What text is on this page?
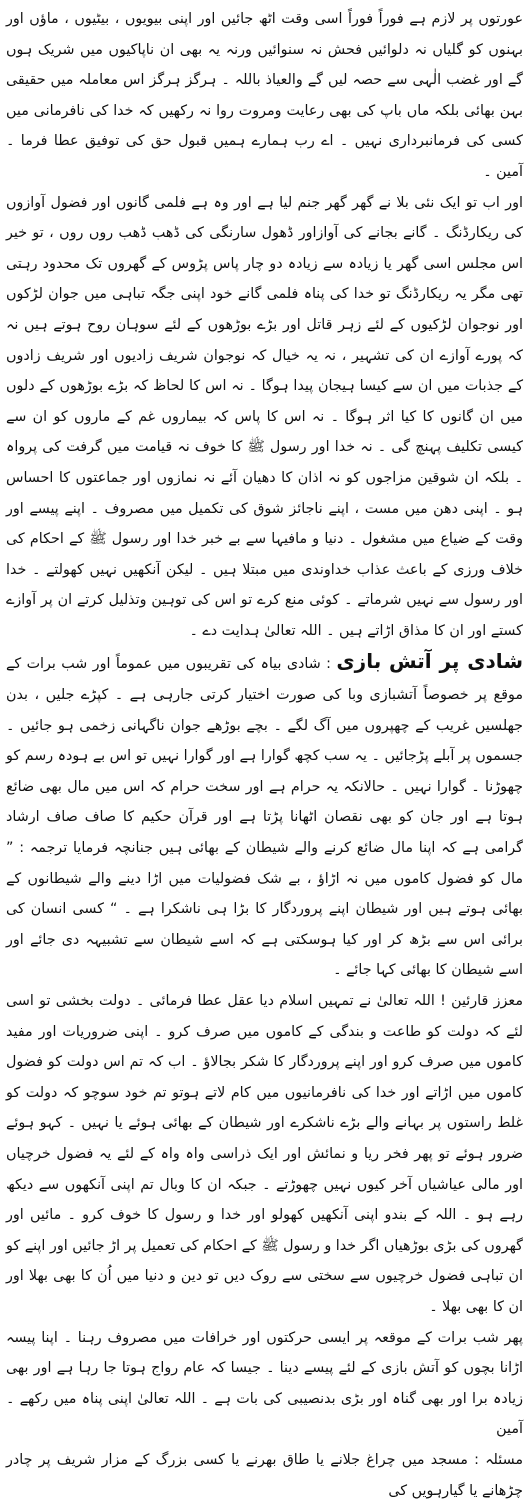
عورتوں پر لازم ہے فوراً فوراً اسی وقت اٹھ جائیں اور اپنی بیویوں ، بیٹیوں ، ماؤں اور بہنوں کو گلیاں نہ دلوائیں فحش نہ سنوائیں ورنہ یہ بھی ان ناپاکیوں میں شریک ہوں گے اور غضب الٰہی سے حصہ لیں گے والعیاذ باللہ ۔ ہرگز ہرگز اس معاملہ میں حقیقی بہن بھائی بلکہ ماں باپ کی بھی رعایت ومروت روا نہ رکھیں کہ خدا کی نافرمانی میں کسی کی فرمانبرداری نہیں ۔ اے رب ہمارے ہمیں قبول حق کی توفیق عطا فرما ۔ آمین ۔

اور اب تو ایک نئی بلا نے گھر گھر جنم لیا ہے اور وہ ہے فلمی گانوں اور فضول آوازوں کی ریکارڈنگ ۔ گانے بجانے کی آوازاور ڈھول سارنگی کی ڈھب ڈھب روں روں ، تو خیر اس مجلس اسی گھر یا زیادہ سے زیادہ دو چار پاس پڑوس کے گھروں تک محدود رہتی تھی مگر یہ ریکارڈنگ تو خدا کی پناہ فلمی گانے خود اپنی جگہ تباہی میں جوان لڑکوں اور نوجوان لڑکیوں کے لئے زہر قاتل اور بڑے بوڑھوں کے لئے سوہان روح ہوتے ہیں نہ کہ پورے آوازے ان کی تشہیر ، نہ یہ خیال کہ نوجوان شریف زادیوں اور شریف زادوں کے جذبات میں ان سے کیسا ہیجان پیدا ہوگا ۔ نہ اس کا لحاظ کہ بڑے بوڑھوں کے دلوں میں ان گانوں کا کیا اثر ہوگا ۔ نہ اس کا پاس کہ بیماروں غم کے ماروں کو ان سے کیسی تکلیف پہنچ گی ۔ نہ خدا اور رسول ﷺ کا خوف نہ قیامت میں گرفت کی پرواہ ۔ بلکہ ان شوقین مزاجوں کو نہ اذان کا دھیان آئے نہ نمازوں اور جماعتوں کا احساس ہو ۔ اپنی دھن میں مست ، اپنے ناجائز شوق کی تکمیل میں مصروف ۔ اپنے پیسے اور وقت کے ضیاع میں مشغول ۔ دنیا و مافیہا سے بے خبر خدا اور رسول ﷺ کے احکام کی خلاف ورزی کے باعث عذاب خداوندی میں مبتلا ہیں ۔ لیکن آنکھیں نہیں کھولتے ۔ خدا اور رسول سے نہیں شرماتے ۔ کوئی منع کرے تو اس کی توہین وتذلیل کرتے ان پر آوازے کستے اور ان کا مذاق اڑاتے ہیں ۔ اللہ تعالیٰ ہدایت دے ۔

شادی پر آتش بازی : شادی بیاہ کی تقریبوں میں عموماً اور شب برات کے موقع پر خصوصاً آتشبازی وبا کی صورت اختیار کرتی جارہی ہے ۔ کپڑے جلیں ، بدن جھلسیں غریب کے چھپروں میں آگ لگے ۔ بچے بوڑھے جوان ناگہانی زخمی ہو جائیں ۔ جسموں پر آبلے پڑجائیں ۔ یہ سب کچھ گوارا ہے اور گوارا نہیں تو اس بے ہودہ رسم کو چھوڑنا ۔ گوارا نہیں ۔ حالانکہ یہ حرام ہے اور سخت حرام کہ اس میں مال بھی ضائع ہوتا ہے اور جان کو بھی نقصان اٹھانا پڑتا ہے اور قرآن حکیم کا صاف صاف ارشاد گرامی ہے کہ اپنا مال ضائع کرنے والے شیطان کے بھائی ہیں جنانچہ فرمایا ترجمہ : ” مال کو فضول کاموں میں نہ اڑاؤ ، بے شک فضولیات میں اڑا دینے والے شیطانوں کے بھائی ہوتے ہیں اور شیطان اپنے پروردگار کا بڑا ہی ناشکرا ہے ۔ “ کسی انسان کی برائی اس سے بڑھ کر اور کیا ہوسکتی ہے کہ اسے شیطان سے تشبیہہ دی جائے اور اسے شیطان کا بھائی کہا جائے ۔

معزز قارئین ! اللہ تعالیٰ نے تمہیں اسلام دیا عقل عطا فرمائی ۔ دولت بخشی تو اسی لئے کہ دولت کو طاعت و بندگی کے کاموں میں صرف کرو ۔ اپنی ضروریات اور مفید کاموں میں صرف کرو اور اپنے پروردگار کا شکر بجالاؤ ۔ اب کہ تم اس دولت کو فضول کاموں میں اڑاتے اور خدا کی نافرمانیوں میں کام لاتے ہوتو تم خود سوچو کہ دولت کو غلط راستوں پر بہانے والے بڑے ناشکرے اور شیطان کے بھائی ہوئے یا نہیں ۔ کہو ہوئے ضرور ہوئے تو پھر فخر ریا و نمائش اور ایک ذراسی واہ واہ کے لئے یہ فضول خرچیاں اور مالی عیاشیاں آخر کیوں نہیں چھوڑتے ۔ جبکہ ان کا وبال تم اپنی آنکھوں سے دیکھ رہے ہو ۔ اللہ کے بندو اپنی آنکھیں کھولو اور خدا و رسول کا خوف کرو ۔ مائیں اور گھروں کی بڑی بوڑھیاں اگر خدا و رسول ﷺ کے احکام کی تعمیل پر اڑ جائیں اور اپنے کو ان تباہی فضول خرچیوں سے سختی سے روک دیں تو دین و دنیا میں اُن کا بھی بھلا اور ان کا بھی بھلا ۔

پھر شب برات کے موقعہ پر ایسی حرکتوں اور خرافات میں مصروف رہنا ۔ اپنا پیسہ اڑانا بچوں کو آتش بازی کے لئے پیسے دینا ۔ جیسا کہ عام رواج ہوتا جا رہا ہے اور بھی زیادہ برا اور بھی گناہ اور بڑی بدنصیبی کی بات ہے ۔ اللہ تعالیٰ اپنی پناہ میں رکھے ۔ آمین

مسئلہ : مسجد میں چراغ جلانے یا طاق بھرنے یا کسی بزرگ کے مزار شریف پر چادر چڑھانے یا گیارہویں کی
